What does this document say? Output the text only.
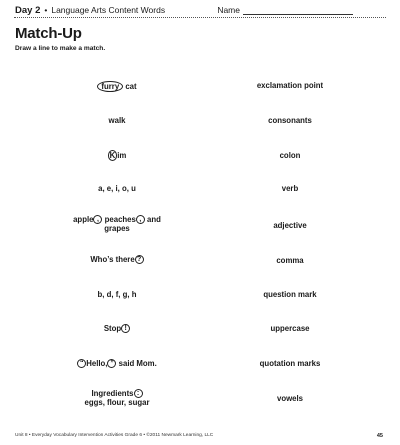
Day 2 • Language Arts Content Words	Name
Match-Up
Draw a line to make a match.
furry cat
walk
K im
a, e, i, o, u
apple , peaches , and
grapes
Who’s there ?
b, d, f, g, h
Stop !
“ Hello, ” said Mom.
Ingredients :
eggs, flour, sugar
exclamation point
consonants
colon
verb
adjective
comma
question mark
uppercase
quotation marks
vowels
Unit 8 • Everyday Vocabulary Intervention Activities Grade 6 • ©2011 Newmark Learning, LLC	45
